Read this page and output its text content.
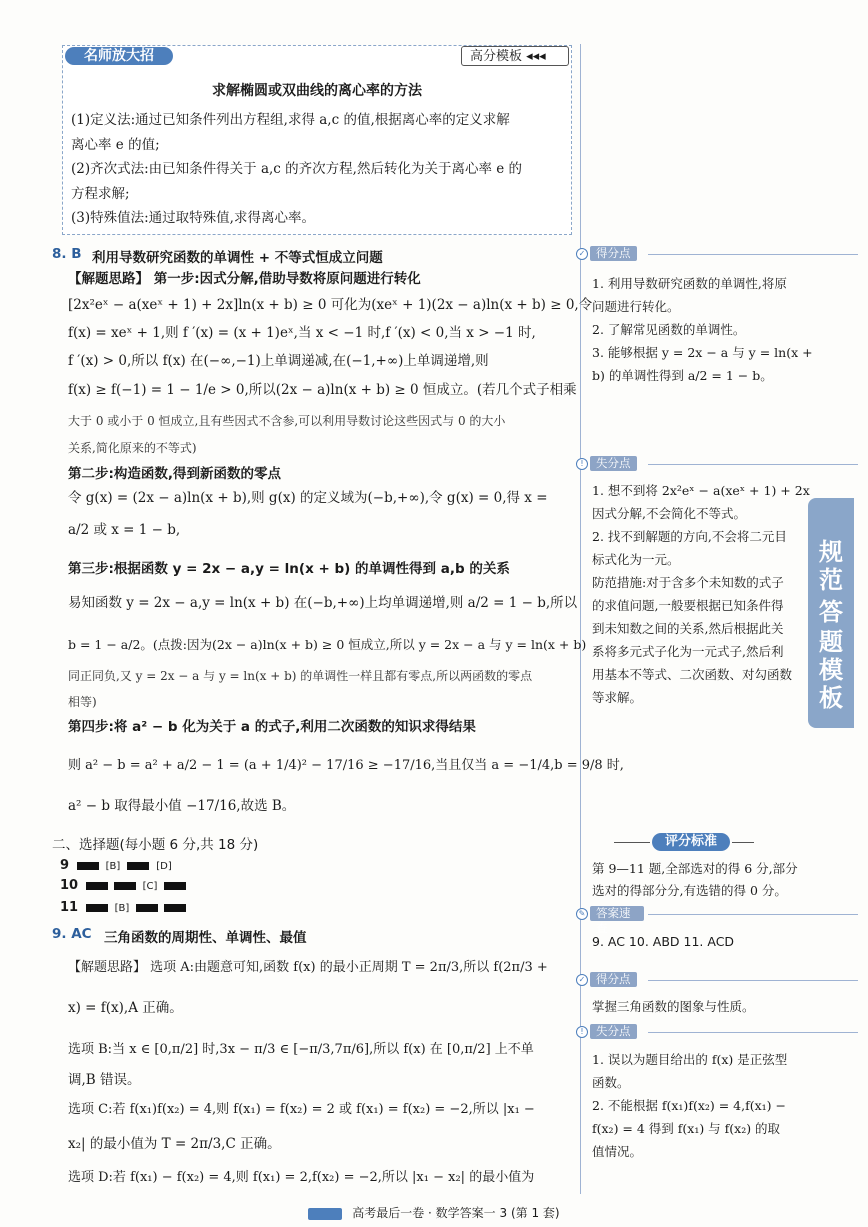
名师放大招	高分模板 ◂◂◂
求解椭圆或双曲线的离心率的方法
(1)定义法:通过已知条件列出方程组,求得 a,c 的值,根据离心率的定义求解
离心率 e 的值;
(2)齐次式法:由已知条件得关于 a,c 的齐次方程,然后转化为关于离心率 e 的
方程求解;
(3)特殊值法:通过取特殊值,求得离心率。
8. B 利用导数研究函数的单调性 + 不等式恒成立问题
【解题思路】 第一步:因式分解,借助导数将原问题进行转化
[2x²eˣ − a(xeˣ + 1) + 2x]ln(x + b) ≥ 0 可化为(xeˣ + 1)(2x − a)ln(x + b) ≥ 0,令
f(x) = xeˣ + 1,则 f ′(x) = (x + 1)eˣ,当 x < −1 时,f ′(x) < 0,当 x > −1 时,
f ′(x) > 0,所以 f(x) 在(−∞,−1)上单调递减,在(−1,+∞)上单调递增,则
f(x) ≥ f(−1) = 1 − 1/e > 0,所以(2x − a)ln(x + b) ≥ 0 恒成立。(若几个式子相乘
大于 0 或小于 0 恒成立,且有些因式不含参,可以利用导数讨论这些因式与 0 的大小
关系,简化原来的不等式)
第二步:构造函数,得到新函数的零点
令 g(x) = (2x − a)ln(x + b),则 g(x) 的定义域为(−b,+∞),令 g(x) = 0,得 x =
a/2 或 x = 1 − b,
第三步:根据函数 y = 2x − a,y = ln(x + b) 的单调性得到 a,b 的关系
易知函数 y = 2x − a,y = ln(x + b) 在(−b,+∞)上均单调递增,则 a/2 = 1 − b,所以
b = 1 − a/2。(点拨:因为(2x − a)ln(x + b) ≥ 0 恒成立,所以 y = 2x − a 与 y = ln(x + b)
同正同负,又 y = 2x − a 与 y = ln(x + b) 的单调性一样且都有零点,所以两函数的零点
相等)
第四步:将 a² − b 化为关于 a 的式子,利用二次函数的知识求得结果
则 a² − b = a² + a/2 − 1 = (a + 1/4)² − 17/16 ≥ −17/16,当且仅当 a = −1/4,b = 9/8 时,
a² − b 取得最小值 −17/16,故选 B。
二、选择题(每小题 6 分,共 18 分)
9	[B]	[D]
10	[C]
11	[B]
9. AC 三角函数的周期性、单调性、最值
【解题思路】 选项 A:由题意可知,函数 f(x) 的最小正周期 T = 2π/3,所以 f(2π/3 +
x) = f(x),A 正确。
选项 B:当 x ∈ [0,π/2] 时,3x − π/3 ∈ [−π/3,7π/6],所以 f(x) 在 [0,π/2] 上不单
调,B 错误。
选项 C:若 f(x₁)f(x₂) = 4,则 f(x₁) = f(x₂) = 2 或 f(x₁) = f(x₂) = −2,所以 |x₁ −
x₂| 的最小值为 T = 2π/3,C 正确。
选项 D:若 f(x₁) − f(x₂) = 4,则 f(x₁) = 2,f(x₂) = −2,所以 |x₁ − x₂| 的最小值为
✓ 得分点
1. 利用导数研究函数的单调性,将原
问题进行转化。
2. 了解常见函数的单调性。
3. 能够根据 y = 2x − a 与 y = ln(x +
b) 的单调性得到 a/2 = 1 − b。
!	失分点
1. 想不到将 2x²eˣ − a(xeˣ + 1) + 2x
因式分解,不会简化不等式。
2. 找不到解题的方向,不会将二元目
标式化为一元。
防范措施:对于含多个未知数的式子
的求值问题,一般要根据已知条件得
到未知数之间的关系,然后根据此关
系将多元式子化为一元式子,然后利
用基本不等式、二次函数、对勾函数
等求解。
评分标准
第 9—11 题,全部选对的得 6 分,部分
选对的得部分分,有选错的得 0 分。
✎ 答案速查
9. AC 10. ABD 11. ACD
✓ 得分点
掌握三角函数的图象与性质。
!	失分点
1. 误以为题目给出的 f(x) 是正弦型
函数。
2. 不能根据 f(x₁)f(x₂) = 4,f(x₁) −
f(x₂) = 4 得到 f(x₁) 与 f(x₂) 的取
值情况。
规
范
答
题
模
板
高考最后一卷 · 数学答案一 3 (第 1 套)
